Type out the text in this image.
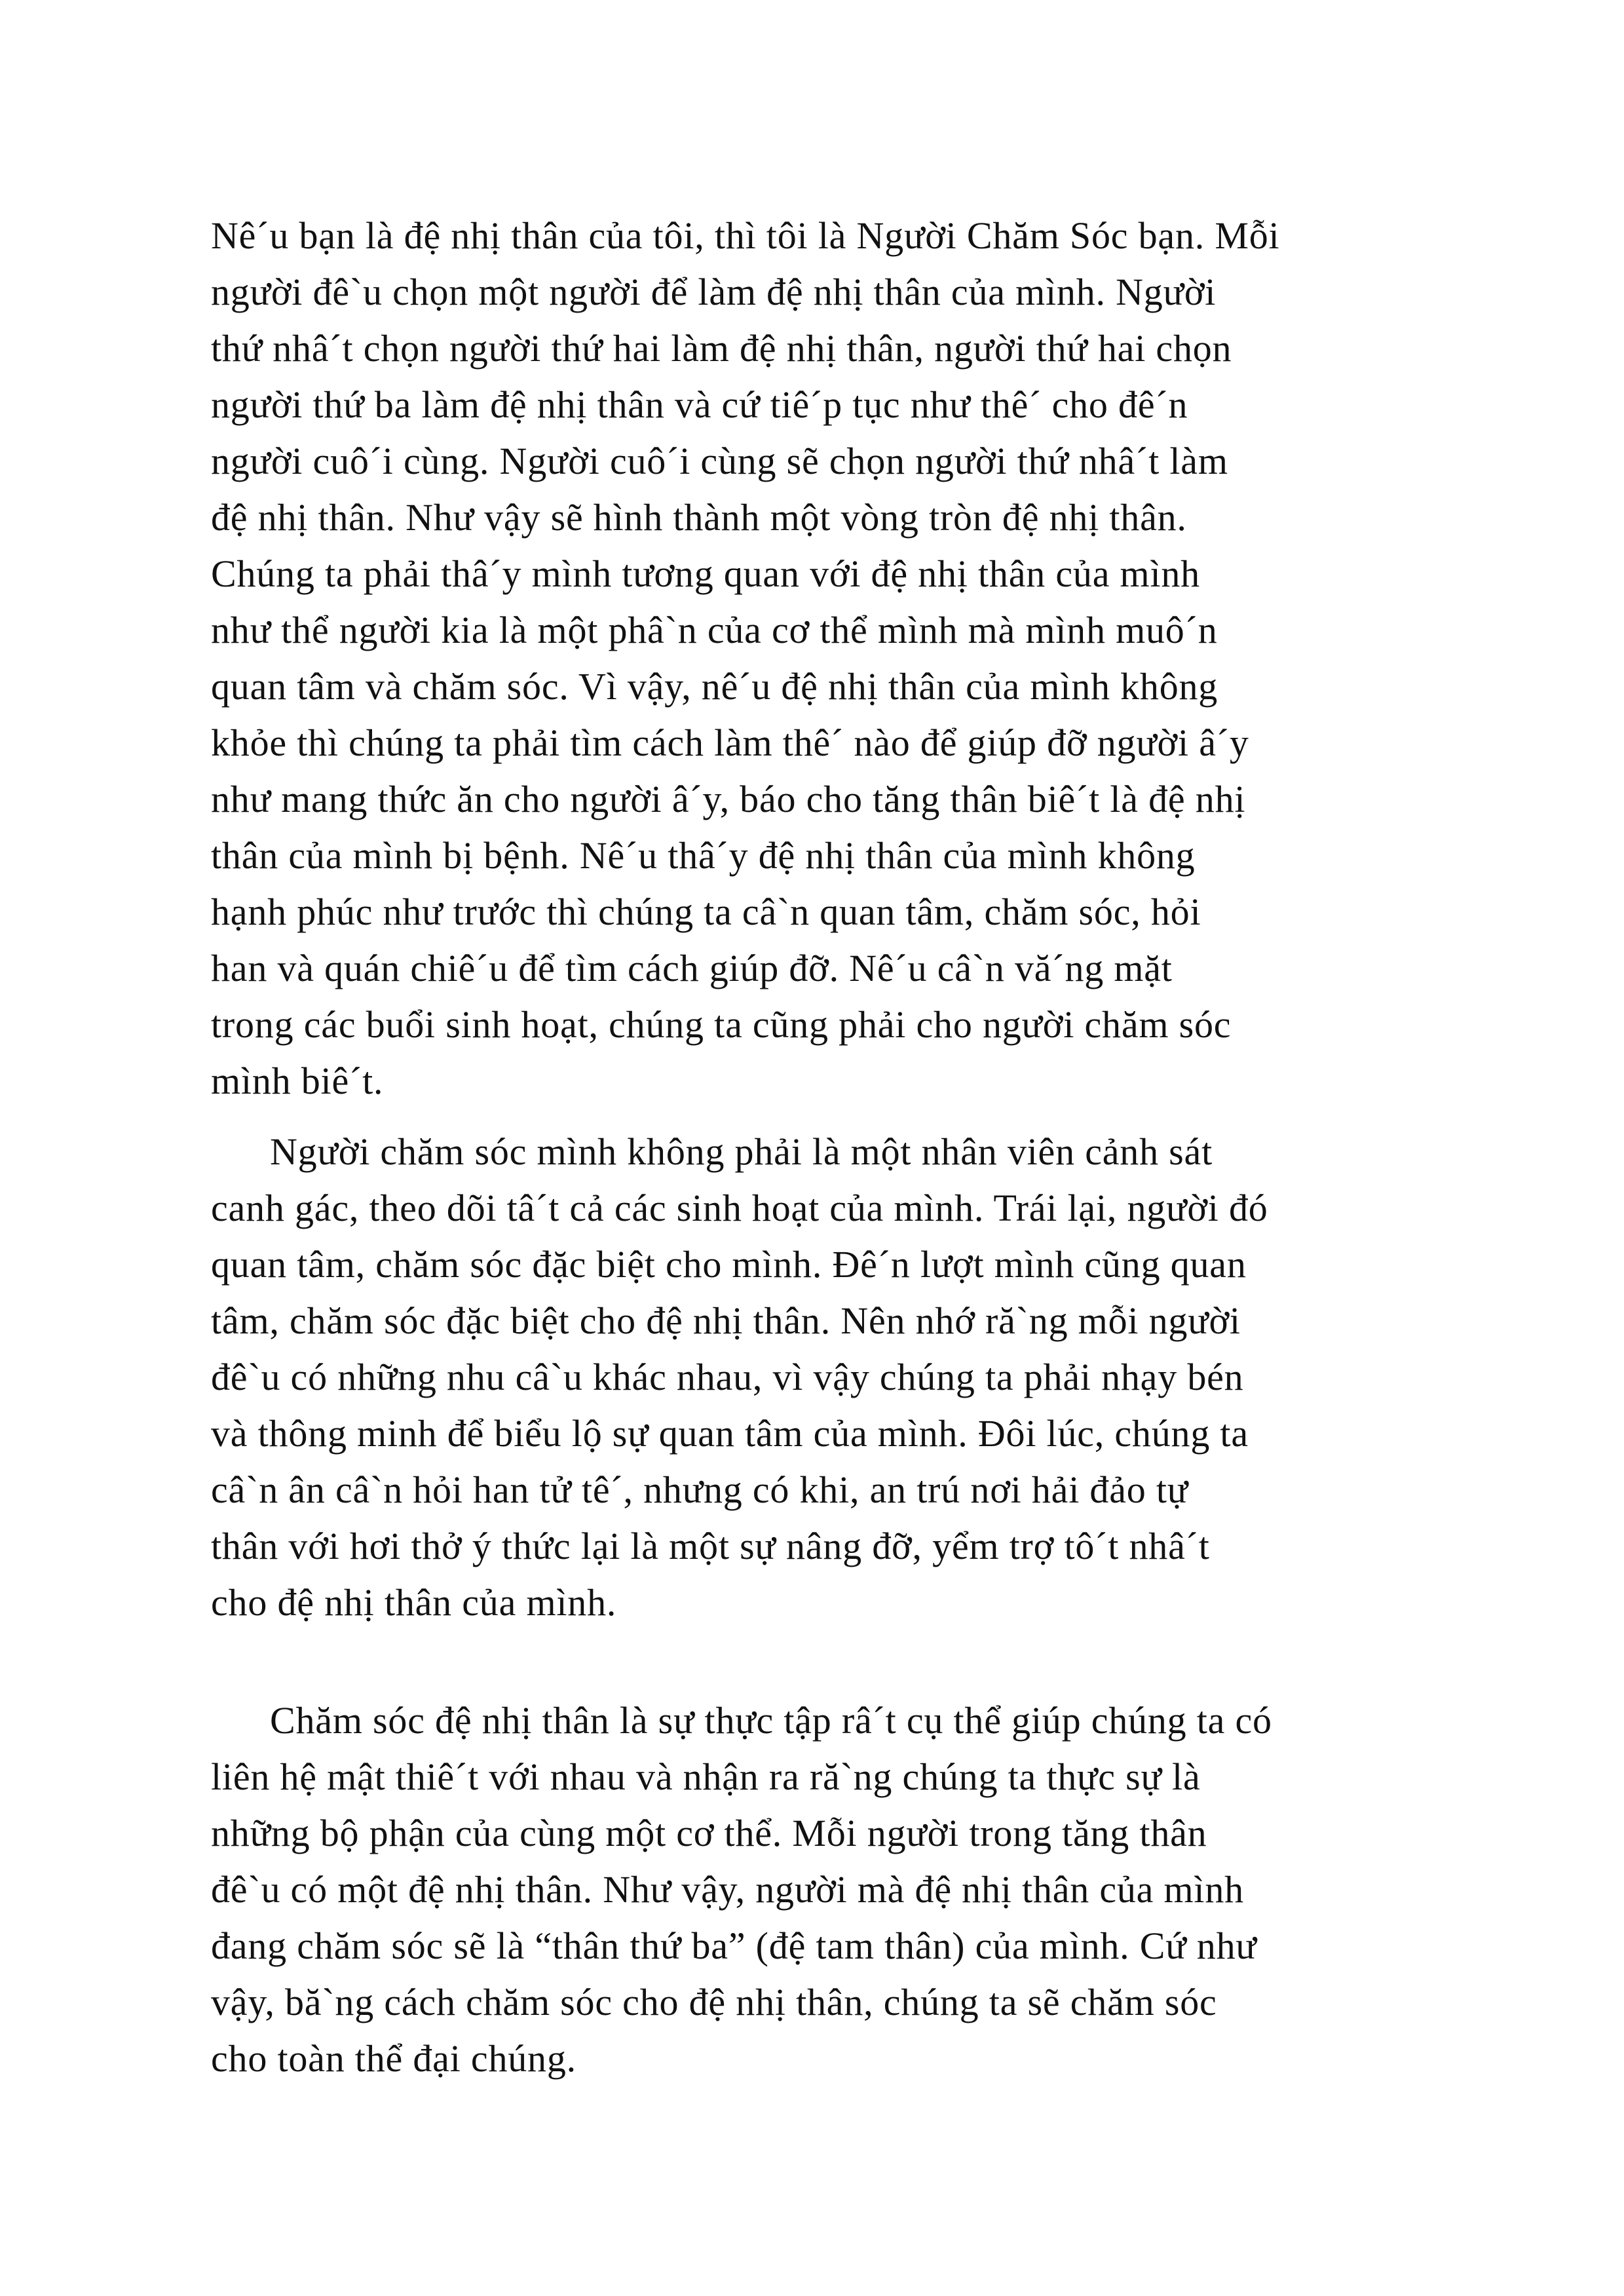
Nê´u bạn là đệ nhị thân của tôi, thì tôi là Người Chăm Sóc bạn. Mỗi
người đê`u chọn một người để làm đệ nhị thân của mình. Người
thứ nhâ´t chọn người thứ hai làm đệ nhị thân, người thứ hai chọn
người thứ ba làm đệ nhị thân và cứ tiê´p tục như thê´ cho đê´n
người cuô´i cùng. Người cuô´i cùng sẽ chọn người thứ nhâ´t làm
đệ nhị thân. Như vậy sẽ hình thành một vòng tròn đệ nhị thân.
Chúng ta phải thâ´y mình tương quan với đệ nhị thân của mình
như thể người kia là một phâ`n của cơ thể mình mà mình muô´n
quan tâm và chăm sóc. Vì vậy, nê´u đệ nhị thân của mình không
khỏe thì chúng ta phải tìm cách làm thê´ nào để giúp đỡ người â´y
như mang thức ăn cho người â´y, báo cho tăng thân biê´t là đệ nhị
thân của mình bị bệnh. Nê´u thâ´y đệ nhị thân của mình không
hạnh phúc như trước thì chúng ta câ`n quan tâm, chăm sóc, hỏi
han và quán chiê´u để tìm cách giúp đỡ. Nê´u câ`n vă´ng mặt
trong các buổi sinh hoạt, chúng ta cũng phải cho người chăm sóc
mình biê´t.
Người chăm sóc mình không phải là một nhân viên cảnh sát
canh gác, theo dõi tâ´t cả các sinh hoạt của mình. Trái lại, người đó
quan tâm, chăm sóc đặc biệt cho mình. Đê´n lượt mình cũng quan
tâm, chăm sóc đặc biệt cho đệ nhị thân. Nên nhớ ră`ng mỗi người
đê`u có những nhu câ`u khác nhau, vì vậy chúng ta phải nhạy bén
và thông minh để biểu lộ sự quan tâm của mình. Đôi lúc, chúng ta
câ`n ân câ`n hỏi han tử tê´, nhưng có khi, an trú nơi hải đảo tự
thân với hơi thở ý thức lại là một sự nâng đỡ, yểm trợ tô´t nhâ´t
cho đệ nhị thân của mình.
Chăm sóc đệ nhị thân là sự thực tập râ´t cụ thể giúp chúng ta có
liên hệ mật thiê´t với nhau và nhận ra ră`ng chúng ta thực sự là
những bộ phận của cùng một cơ thể. Mỗi người trong tăng thân
đê`u có một đệ nhị thân. Như vậy, người mà đệ nhị thân của mình
đang chăm sóc sẽ là “thân thứ ba” (đệ tam thân) của mình. Cứ như
vậy, bă`ng cách chăm sóc cho đệ nhị thân, chúng ta sẽ chăm sóc
cho toàn thể đại chúng.
